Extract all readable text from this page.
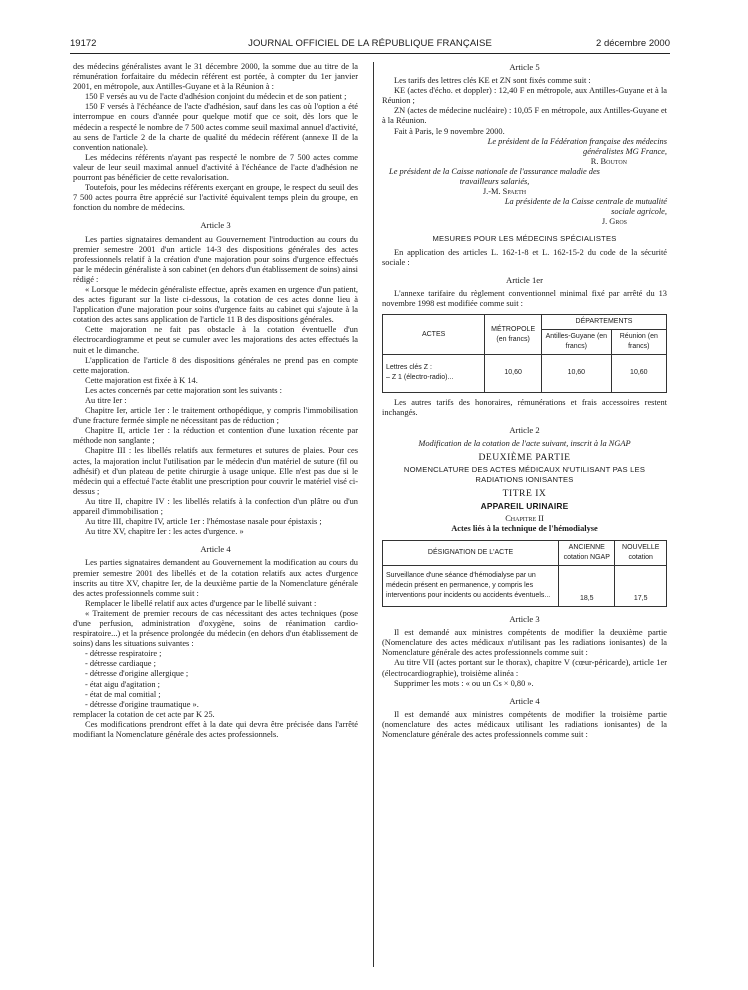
19172	JOURNAL OFFICIEL DE LA RÉPUBLIQUE FRANÇAISE	2 décembre 2000

des médecins généralistes avant le 31 décembre 2000, la somme due au titre de la rémunération forfaitaire du médecin référent est portée, à compter du 1er janvier 2001, en métropole, aux Antilles-Guyane et à la Réunion à :

150 F versés au vu de l'acte d'adhésion conjoint du médecin et de son patient ;

150 F versés à l'échéance de l'acte d'adhésion, sauf dans les cas où l'option a été interrompue en cours d'année pour quelque motif que ce soit, dès lors que le médecin a respecté le nombre de 7 500 actes comme seuil maximal annuel d'activité, au sens de l'article 2 de la charte de qualité du médecin référent (annexe II de la convention nationale).

Les médecins référents n'ayant pas respecté le nombre de 7 500 actes comme valeur de leur seuil maximal annuel d'activité à l'échéance de l'acte d'adhésion ne pourront pas bénéficier de cette revalorisation.

Toutefois, pour les médecins référents exerçant en groupe, le respect du seuil des 7 500 actes pourra être apprécié sur l'activité équivalent temps plein du groupe, en fonction du nombre de médecins.

Article 3

Les parties signataires demandent au Gouvernement l'introduction au cours du premier semestre 2001 d'un article 14-3 des dispositions générales des actes professionnels relatif à la création d'une majoration pour soins d'urgence effectués par le médecin généraliste à son cabinet (en dehors d'un établissement de soins) ainsi rédigé :

« Lorsque le médecin généraliste effectue, après examen en urgence d'un patient, des actes figurant sur la liste ci-dessous, la cotation de ces actes donne lieu à l'application d'une majoration pour soins d'urgence faits au cabinet qui s'ajoute à la cotation des actes sans application de l'article 11 B des dispositions générales.

Cette majoration ne fait pas obstacle à la cotation éventuelle d'un électrocardiogramme et peut se cumuler avec les majorations des actes effectués la nuit et le dimanche.

L'application de l'article 8 des dispositions générales ne prend pas en compte cette majoration.

Cette majoration est fixée à K 14.

Les actes concernés par cette majoration sont les suivants :

Au titre Ier :

Chapitre Ier, article 1er : le traitement orthopédique, y compris l'immobilisation d'une fracture fermée simple ne nécessitant pas de réduction ;

Chapitre II, article 1er : la réduction et contention d'une luxation récente par méthode non sanglante ;

Chapitre III : les libellés relatifs aux fermetures et sutures de plaies. Pour ces actes, la majoration inclut l'utilisation par le médecin d'un matériel de suture (fil ou adhésif) et d'un plateau de petite chirurgie à usage unique. Elle n'est pas due si le médecin qui a effectué l'acte établit une prescription pour couvrir le matériel visé ci-dessus ;

Au titre II, chapitre IV : les libellés relatifs à la confection d'un plâtre ou d'un appareil d'immobilisation ;

Au titre III, chapitre IV, article 1er : l'hémostase nasale pour épistaxis ;

Au titre XV, chapitre Ier : les actes d'urgence. »

Article 4

Les parties signataires demandent au Gouvernement la modification au cours du premier semestre 2001 des libellés et de la cotation relatifs aux actes d'urgence inscrits au titre XV, chapitre Ier, de la deuxième partie de la Nomenclature générale des actes professionnels comme suit :

Remplacer le libellé relatif aux actes d'urgence par le libellé suivant :

« Traitement de premier recours de cas nécessitant des actes techniques (pose d'une perfusion, administration d'oxygène, soins de réanimation cardio-respiratoire...) et la présence prolongée du médecin (en dehors d'un établissement de soins) dans les situations suivantes :

- détresse respiratoire ;

- détresse cardiaque ;

- détresse d'origine allergique ;

- état aigu d'agitation ;

- état de mal comitial ;

- détresse d'origine traumatique ».

remplacer la cotation de cet acte par K 25.

Ces modifications prendront effet à la date qui devra être précisée dans l'arrêté modifiant la Nomenclature générale des actes professionnels.

Article 5

Les tarifs des lettres clés KE et ZN sont fixés comme suit :

KE (actes d'écho. et doppler) : 12,40 F en métropole, aux Antilles-Guyane et à la Réunion ;

ZN (actes de médecine nucléaire) : 10,05 F en métropole, aux Antilles-Guyane et à la Réunion.

Fait à Paris, le 9 novembre 2000.

Le président de la Fédération française des médecins généralistes MG France,

R. Bouton

Le président de la Caisse nationale de l'assurance maladie des travailleurs salariés,

J.-M. Spaeth

La présidente de la Caisse centrale de mutualité sociale agricole,

J. Gros

MESURES POUR LES MÉDECINS SPÉCIALISTES

En application des articles L. 162-1-8 et L. 162-15-2 du code de la sécurité sociale :

Article 1er

L'annexe tarifaire du règlement conventionnel minimal fixé par arrêté du 13 novembre 1998 est modifiée comme suit :

ACTES	MÉTROPOLE (en francs)	DÉPARTEMENTS	
		Antilles-Guyane (en francs)	Réunion (en francs)

Lettres clés Z :
– Z 1 (électro-radio)...	10,60	10,60	10,60

Les autres tarifs des honoraires, rémunérations et frais accessoires restent inchangés.

Article 2

Modification de la cotation de l'acte suivant, inscrit à la NGAP

DEUXIÈME PARTIE
NOMENCLATURE DES ACTES MÉDICAUX N'UTILISANT PAS LES RADIATIONS IONISANTES
TITRE IX
APPAREIL URINAIRE
Chapitre II
Actes liés à la technique de l'hémodialyse
DÉSIGNATION DE L'ACTE	ANCIENNE cotation NGAP	NOUVELLE cotation
Surveillance d'une séance d'hémodialyse par un médecin présent en permanence, y compris les interventions pour incidents ou accidents éventuels...	18,5	17,5
Article 3

Il est demandé aux ministres compétents de modifier la deuxième partie (Nomenclature des actes médicaux n'utilisant pas les radiations ionisantes) de la Nomenclature générale des actes professionnels comme suit :

Au titre VII (actes portant sur le thorax), chapitre V (cœur-péricarde), article 1er (électrocardiographie), troisième alinéa :

Supprimer les mots : « ou un Cs × 0,80 ».

Article 4

Il est demandé aux ministres compétents de modifier la troisième partie (nomenclature des actes médicaux utilisant les radiations ionisantes) de la Nomenclature générale des actes professionnels comme suit :
